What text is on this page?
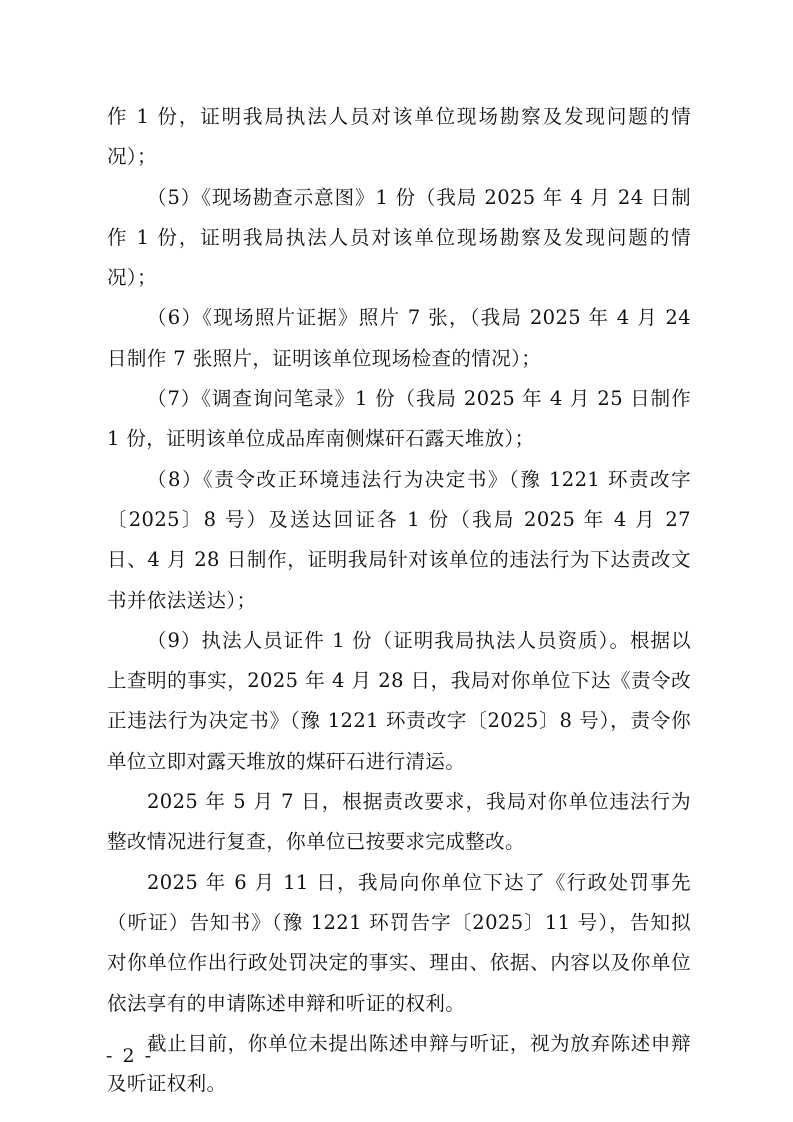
作 1 份，证明我局执法人员对该单位现场勘察及发现问题的情况）；

（5）《现场勘查示意图》1 份（我局 2025 年 4 月 24 日制作 1 份，证明我局执法人员对该单位现场勘察及发现问题的情况）；

（6）《现场照片证据》照片 7 张，（我局 2025 年 4 月 24 日制作 7 张照片，证明该单位现场检查的情况）；

（7）《调查询问笔录》1 份（我局 2025 年 4 月 25 日制作 1 份，证明该单位成品库南侧煤矸石露天堆放）；

（8）《责令改正环境违法行为决定书》（豫 1221 环责改字〔2025〕8 号）及送达回证各 1 份（我局 2025 年 4 月 27 日、4 月 28 日制作，证明我局针对该单位的违法行为下达责改文书并依法送达）；

（9）执法人员证件 1 份（证明我局执法人员资质）。根据以上查明的事实，2025 年 4 月 28 日，我局对你单位下达《责令改正违法行为决定书》（豫 1221 环责改字〔2025〕8 号），责令你单位立即对露天堆放的煤矸石进行清运。

2025 年 5 月 7 日，根据责改要求，我局对你单位违法行为整改情况进行复查，你单位已按要求完成整改。

2025 年 6 月 11 日，我局向你单位下达了《行政处罚事先（听证）告知书》（豫 1221 环罚告字〔2025〕11 号），告知拟对你单位作出行政处罚决定的事实、理由、依据、内容以及你单位依法享有的申请陈述申辩和听证的权利。

截止目前，你单位未提出陈述申辩与听证，视为放弃陈述申辩及听证权利。

- 2 -
